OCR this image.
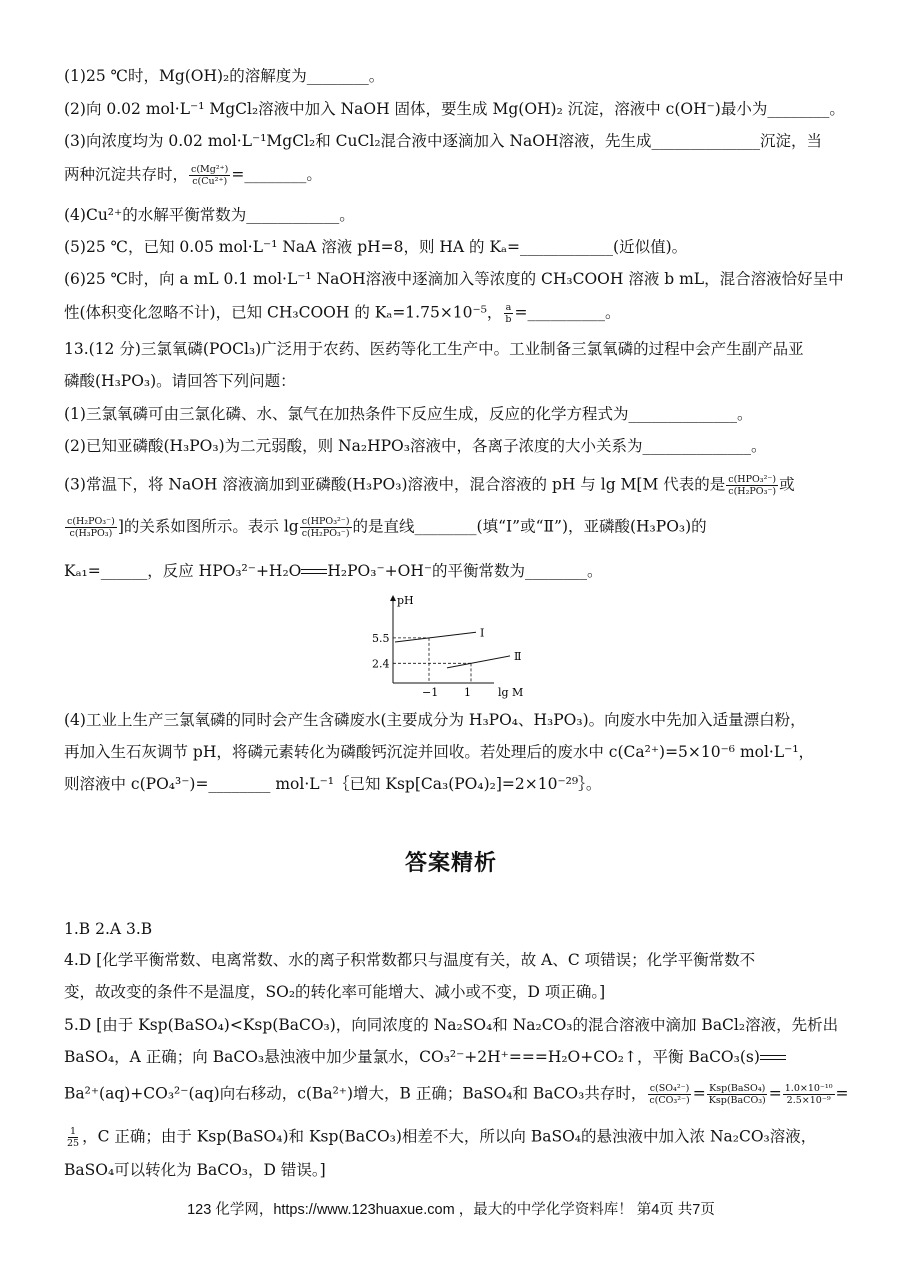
(1)25 ℃时，Mg(OH)₂的溶解度为________。
(2)向 0.02 mol·L⁻¹ MgCl₂溶液中加入 NaOH 固体，要生成 Mg(OH)₂ 沉淀，溶液中 c(OH⁻)最小为________。
(3)向浓度均为 0.02 mol·L⁻¹MgCl₂和 CuCl₂混合液中逐滴加入 NaOH溶液，先生成______________沉淀，当
两种沉淀共存时， $\frac{\text{c(Mg²⁺)}}{\text{c(Cu²⁺)}}$ =________。
(4)Cu²⁺的水解平衡常数为____________。
(5)25 ℃，已知 0.05 mol·L⁻¹ NaA 溶液 pH=8，则 HA 的 Kₐ=____________(近似值)。
(6)25 ℃时，向 a mL 0.1 mol·L⁻¹ NaOH溶液中逐滴加入等浓度的 CH₃COOH 溶液 b mL，混合溶液恰好呈中
性(体积变化忽略不计)，已知 CH₃COOH 的 Kₐ=1.75×10⁻⁵， $\frac{a}{b}$ =__________。
13.(12 分)三氯氧磷(POCl₃)广泛用于农药、医药等化工生产中。工业制备三氯氧磷的过程中会产生副产品亚
磷酸(H₃PO₃)。请回答下列问题：
(1)三氯氧磷可由三氯化磷、水、氯气在加热条件下反应生成，反应的化学方程式为______________。
(2)已知亚磷酸(H₃PO₃)为二元弱酸，则 Na₂HPO₃溶液中，各离子浓度的大小关系为______________。
(3)常温下，将 NaOH 溶液滴加到亚磷酸(H₃PO₃)溶液中，混合溶液的 pH 与 lg M[M 代表的是 $\frac{\text{c(HPO₃²⁻)}}{\text{c(H₂PO₃⁻)}}$ 或
$\frac{\text{c(H₂PO₃⁻)}}{\text{c(H₃PO₃)}}$ ]的关系如图所示。表示 $\lg \frac{\text{c(HPO₃²⁻)}}{\text{c(H₂PO₃⁻)}}$ 的是直线________(填“Ⅰ”或“Ⅱ”)，亚磷酸(H₃PO₃)的
Kₐ₁=______，反应 HPO₃²⁻+H₂O H₂PO₃⁻+OH⁻的平衡常数为________。
pH
lg M
−1 1
5.5
2.4
Ⅰ
Ⅱ
(4)工业上生产三氯氧磷的同时会产生含磷废水(主要成分为 H₃PO₄、H₃PO₃)。向废水中先加入适量漂白粉，
再加入生石灰调节 pH，将磷元素转化为磷酸钙沉淀并回收。若处理后的废水中 c(Ca²⁺)=5×10⁻⁶ mol·L⁻¹，
则溶液中 c(PO₄³⁻)=________ mol·L⁻¹｛已知 Ksp[Ca₃(PO₄)₂]=2×10⁻²⁹｝。
答案精析
1.B 2.A 3.B
4.D [化学平衡常数、电离常数、水的离子积常数都只与温度有关，故 A、C 项错误；化学平衡常数不
变，故改变的条件不是温度，SO₂的转化率可能增大、减小或不变，D 项正确。]
5.D [由于 Ksp(BaSO₄)<Ksp(BaCO₃)，向同浓度的 Na₂SO₄和 Na₂CO₃的混合溶液中滴加 BaCl₂溶液，先析出
BaSO₄，A 正确；向 BaCO₃悬浊液中加少量氯水，CO₃²⁻+2H⁺===H₂O+CO₂↑，平衡 BaCO₃(s)
Ba²⁺(aq)+CO₃²⁻(aq)向右移动，c(Ba²⁺)增大，B 正确；BaSO₄和 BaCO₃共存时， $\frac{\text{c(SO₄²⁻)}}{\text{c(CO₃²⁻)}} = \frac{\text{Ksp(BaSO₄)}}{\text{Ksp(BaCO₃)}} = \frac{\text{1.0×10⁻¹⁰}}{\text{2.5×10⁻⁹}}$ =
$\frac{1}{25}$ ，C 正确；由于 Ksp(BaSO₄)和 Ksp(BaCO₃)相差不大，所以向 BaSO₄的悬浊液中加入浓 Na₂CO₃溶液，
BaSO₄可以转化为 BaCO₃，D 错误。]
123 化学网，https://www.123huaxue.com ，最大的中学化学资料库！ 第4页 共7页
